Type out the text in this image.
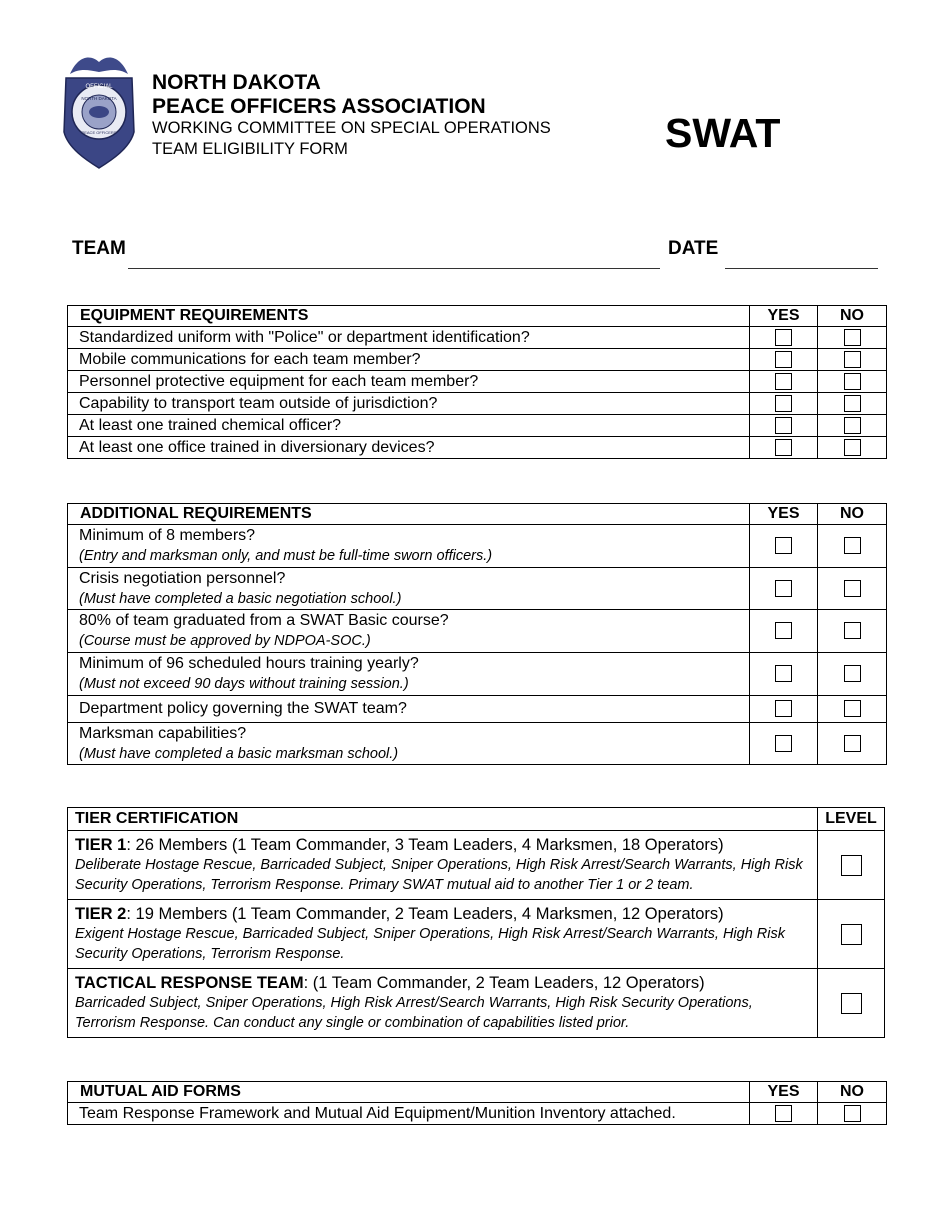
OFFICIAL
NORTH DAKOTA
PEACE OFFICERS
NORTH DAKOTA
PEACE OFFICERS ASSOCIATION
WORKING COMMITTEE ON SPECIAL OPERATIONS
TEAM ELIGIBILITY FORM	SWAT
TEAM	DATE
EQUIPMENT REQUIREMENTS	YES	NO
Standardized uniform with "Police" or department identification?		
Mobile communications for each team member?		
Personnel protective equipment for each team member?		
Capability to transport team outside of jurisdiction?		
At least one trained chemical officer?		
At least one office trained in diversionary devices?		
ADDITIONAL REQUIREMENTS	YES	NO
Minimum of 8 members?
(Entry and marksman only, and must be full-time sworn officers.)		

Crisis negotiation personnel?
(Must have completed a basic negotiation school.)		

80% of team graduated from a SWAT Basic course?
(Course must be approved by NDPOA-SOC.)		

Minimum of 96 scheduled hours training yearly?
(Must not exceed 90 days without training session.)		

Department policy governing the SWAT team?		
Marksman capabilities?
(Must have completed a basic marksman school.)		

TIER CERTIFICATION	LEVEL

TIER 1: 26 Members (1 Team Commander, 3 Team Leaders, 4 Marksmen, 18 Operators)
Deliberate Hostage Rescue, Barricaded Subject, Sniper Operations, High Risk Arrest/Search Warrants, High Risk Security Operations, Terrorism Response. Primary SWAT mutual aid to another Tier 1 or 2 team.	

TIER 2: 19 Members (1 Team Commander, 2 Team Leaders, 4 Marksmen, 12 Operators)
Exigent Hostage Rescue, Barricaded Subject, Sniper Operations, High Risk Arrest/Search Warrants, High Risk Security Operations, Terrorism Response.	

TACTICAL RESPONSE TEAM: (1 Team Commander, 2 Team Leaders, 12 Operators)
Barricaded Subject, Sniper Operations, High Risk Arrest/Search Warrants, High Risk Security Operations, Terrorism Response. Can conduct any single or combination of capabilities listed prior.	

MUTUAL AID FORMS	YES	NO
Team Response Framework and Mutual Aid Equipment/Munition Inventory attached.		
